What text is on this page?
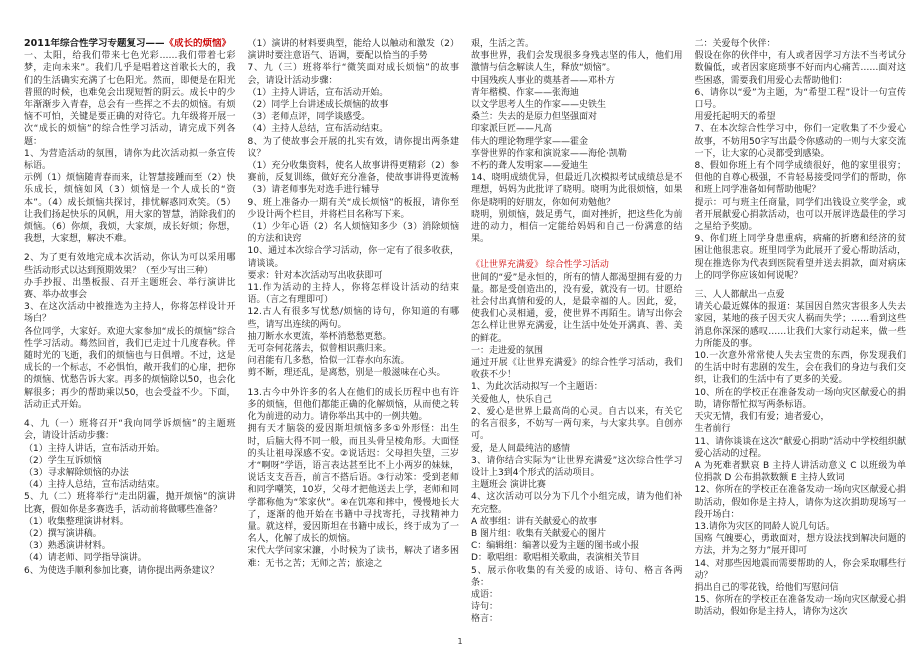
2011年综合性学习专题复习——《成长的烦恼》

一、太阳，给我们带来七色光彩……我们带着七彩梦，走向未来”。我们几乎是唱着这首歌长大的，我们的生活确实充满了七色阳光。然而，即便是在阳光普照的时候，也难免会出现短暂的阴云。成长中的少年渐渐步入青春，总会有一些挥之不去的烦恼。有烦恼不可怕，关键是要正确的对待它。九年级将开展一次“成长的烦恼”的综合性学习活动，请完成下列各题：

1、为营造活动的氛围，请你为此次活动拟一条宣传标语。

示例（1）烦恼随青春而来，让智慧接踵而至（2）快乐成长，烦恼如风（3）烦恼是一个人成长的“资本”。（4）成长烦恼共探讨，排忧解惑同欢笑。（5）让我们扬起快乐的风帆，用大家的智慧，消除我们的烦恼。（6）你烦，我烦，大家烦，成长好烦；你想，我想，大家想，解决不难。

2、为了更有效地完成本次活动，你认为可以采用哪些活动形式以达到预期效果？（至少写出三种）

办手抄报、出墨板报、召开主题班会、举行演讲比赛、举办故事会

3、在这次活动中被推选为主持人，你将怎样设计开场白？

各位同学，大家好。欢迎大家参加“成长的烦恼”综合性学习活动。蓦然回首，我们已走过十几度春秋。伴随时光的飞逝，我们的烦恼也与日俱增。不过，这是成长的一个标志，不必惧怕，敞开我们的心扉，把你的烦恼、忧愁告诉大家。再多的烦恼除以50，也会化解很多；再少的帮助乘以50，也会受益不少。下面，活动正式开始。

4、九（一）班将召开“我向同学诉烦恼”的主题班会，请设计活动步骤：

（1）主持人讲话，宣布活动开始。

（2）学生互诉烦恼

（3）寻求解除烦恼的办法

（4）主持人总结，宣布活动结束。

5、九（二）班将举行“走出阴霾，抛开烦恼”的演讲比赛，假如你是多赛选手，活动前将做哪些准备？

（1）收集整理演讲材料。

（2）撰写演讲稿。

（3）熟悉演讲材料。

（4）请老师、同学指导演讲。

6、为使选手顺利参加比赛，请你提出两条建议？

（1）演讲的材料要典型，能给人以触动和激发（2）演讲时要注意语气、语调，要配以恰当的手势

7、九（三）班将举行“微笑面对成长烦恼”的故事会，请设计活动步骤：

（1）主持人讲话，宣布活动开始。

（2）同学上台讲述成长烦恼的故事

（3）老师点评，同学谈感受。

（4）主持人总结，宣布活动结束。

8、为了使故事会开展的扎实有效，请你提出两条建议？

（1）充分收集资料，使名人故事讲得更精彩（2）参赛前，反复训练，做好充分准备，使故事讲得更流畅 （3）请老师事先对选手进行辅导

9、班上准备办一期有关“成长烦恼”的板报，请你至少设计两个栏目，并将栏目名称写下来。

（1）少年心语（2）名人烦恼知多少（3）消除烦恼的方法和诀窍

10、通过本次综合学习活动，你一定有了很多收获，请谈谈。

要求：针对本次活动写出收获即可

11.作为活动的主持人，你将怎样设计活动的结束语。（言之有理即可）

12.古人有很多写忧愁/烦恼的诗句，你知道的有哪些，请写出连续的两句。

抽刀断水水更流，举杯消愁愁更愁。

无可奈何花落去，似曾相识燕归来。

问君能有几多愁，恰似一江春水向东流。

剪不断，理还乱，是离愁，别是一般滋味在心头。

13.古今中外许多的名人在他们的成长历程中也有许多的烦恼，但他们都能正确的化解烦恼，从而使之转化为前进的动力。请你举出其中的一例共勉。

拥有天才脑袋的爱因斯坦烦恼多多①外形怪：出生时，后脑大得不同一般，而且头骨呈棱角形。大面怪的头让祖母深感不安。②说话迟：父母担失望，三岁才“啊呀”学语，语言表达甚至比不上小两岁的妹妹，说话支支吾吾，前言不搭后语。③行动笨：受到老师和同学嘲笑，10岁，父母才把他送去上学，老师和同学都称他为“笨家伙”。④在饥寒和摔中，慢慢地长大了，逐渐的他开始在书籍中寻找寄托，寻找精神力量。就这样，爱因斯坦在书籍中成长，终于成为了一名人，化解了成长的烦恼。

宋代大学问家宋濂，小时候为了读书，解决了诸多困难：无书之苦；无师之苦；旅途之

艰，生活之苦。

故事世界，我们会发现很多身残志坚的伟人，他们用激情与信念解读人生，释放“烦恼”。

中国残疾人事业的奠基者——邓朴方

青年楷模、作家——张海迪

以文学思考人生的作家——史铁生

桑兰：失去的是原力但坚强面对

印家派巨匠——凡高

伟大的理论物理学家——霍金

享誉世界的作家和演说家——海伦·凯勒

不朽的聋人发明家——爱迪生

14、晓明成绩优异，但最近几次模拟考试成绩总是不理想，妈妈为此批评了晓明。晓明为此很烦恼，如果你是晓明的好朋友，你如何劝勉他？

晓明，别烦恼，鼓足勇气，面对挫折，把这些化为前进的动力，相信一定能给妈妈和自己一份满意的结果。

《让世界充满爱》 综合性学习活动

世间的“爱”是永恒的，所有的情人都渴望拥有爱的力量。都是受创造出的，没有爱，就没有一切。甘愿给社会付出真情和爱的人，是最幸福的人。因此，爱，使我们心灵相通，爱，使世界不再陌生。请写出你会怎么样让世界充满爱，让生活中处处开满真、善、美的鲜花。

一：走进爱的氛围

通过开展《让世界充满爱》的综合性学习活动，我们收获不少！

1、为此次活动拟写一个主题语：

关爱他人，快乐自己

2、爱心是世界上最高尚的心灵。自古以来，有关它的名言很多，不妨写一两句来，与大家共享。自创亦可。

爱，是人间最纯洁的感情

3、请你结合实际为“让世界充满爱”这次综合性学习设计上3到4个形式的活动项目。

主题班会 演讲比赛

4、这次活动可以分为下几个小组完成，请为他们补充完整。

A 故事组：讲有关献爱心的故事

B 图片组：收集有关献爱心的图片

C：编辑组：编著以爱为主题的图书或小报

D：歌唱组：歌唱相关歌曲，表演相关节目

5、展示你收集的有关爱的成语、诗句、格言各两条：

成语：

诗句：

格言：

二：关爱每个伙伴：

假设在你的伙伴中，有人或者因学习方法不当考试分数偏低，或者因家庭琐事不好而内心痛苦……面对这些困惑，需要我们用爱心去帮助他们：

6、请你以“爱”为主题，为“希望工程”设计一句宣传口号。

用爱托起明天的希望

7、在本次综合性学习中，你们一定收集了不少爱心故事，不妨用50字写出最令你感动的一则与大家交流一下，让大家的心灵都受到感染。

8、假如你班上有个同学成绩很好，他的家里很穷；但他的自尊心极强，不肯轻易接受同学们的帮助，你和班上同学准备如何帮助他呢？

提示：可与班主任商量，同学们出钱设立奖学金，或者开展献爱心捐款活动，也可以开展评选最佳的学习之星给予奖励。

9、你们班上同学身患重病，病痛的折磨和经济的贫困让他很悲哀。班里同学为此展开了爱心帮助活动，现在推选你为代表到医院看望并送去捐款，面对病床上的同学你应该如何说呢？

三、人人都献出一点爱

请关心最近媒体的报道：某国因自然灾害很多人失去家园，某地的孩子因天灾人祸而失学；……看到这些消息你深深的感叹……让我们大家行动起来，做一些力所能及的事。

10.一次意外常常使人失去宝贵的东西，你发现我们的生活中时有悲剧的发生，会在我们的身边与我们交织，让我们的生活中有了更多的关爱。

10、所在的学校正在准备发动一场向灾区献爱心的捐助，请你帮忙拟写两条标语。

天灾无情，我们有爱；迪者爱心，

生者前行

11、请你谈谈在这次“献爱心捐助”活动中学校组织献爱心活动的过程。

A 为死难者默哀 B 主持人讲活动意义 C 以班级为单位捐款 D 公布捐款数额 E 主持人致词

12、你所在的学校正在准备发动一场向灾区献爱心捐助活动，假如你是主持人，请你为这次捐助现场写一段开场白：

13.请你为灾区的同龄人说几句话。

国殇 气魄要心，勇敢面对，想方设法找到解决问题的方法，并为之努力”展开即可

14、对那些因地震而需要帮助的人，你会采取哪些行动？

捐出自己的零花钱，给他们写慰问信

15、你所在的学校正在准备发动一场向灾区献爱心捐助活动，假如你是主持人，请你为这次

1
